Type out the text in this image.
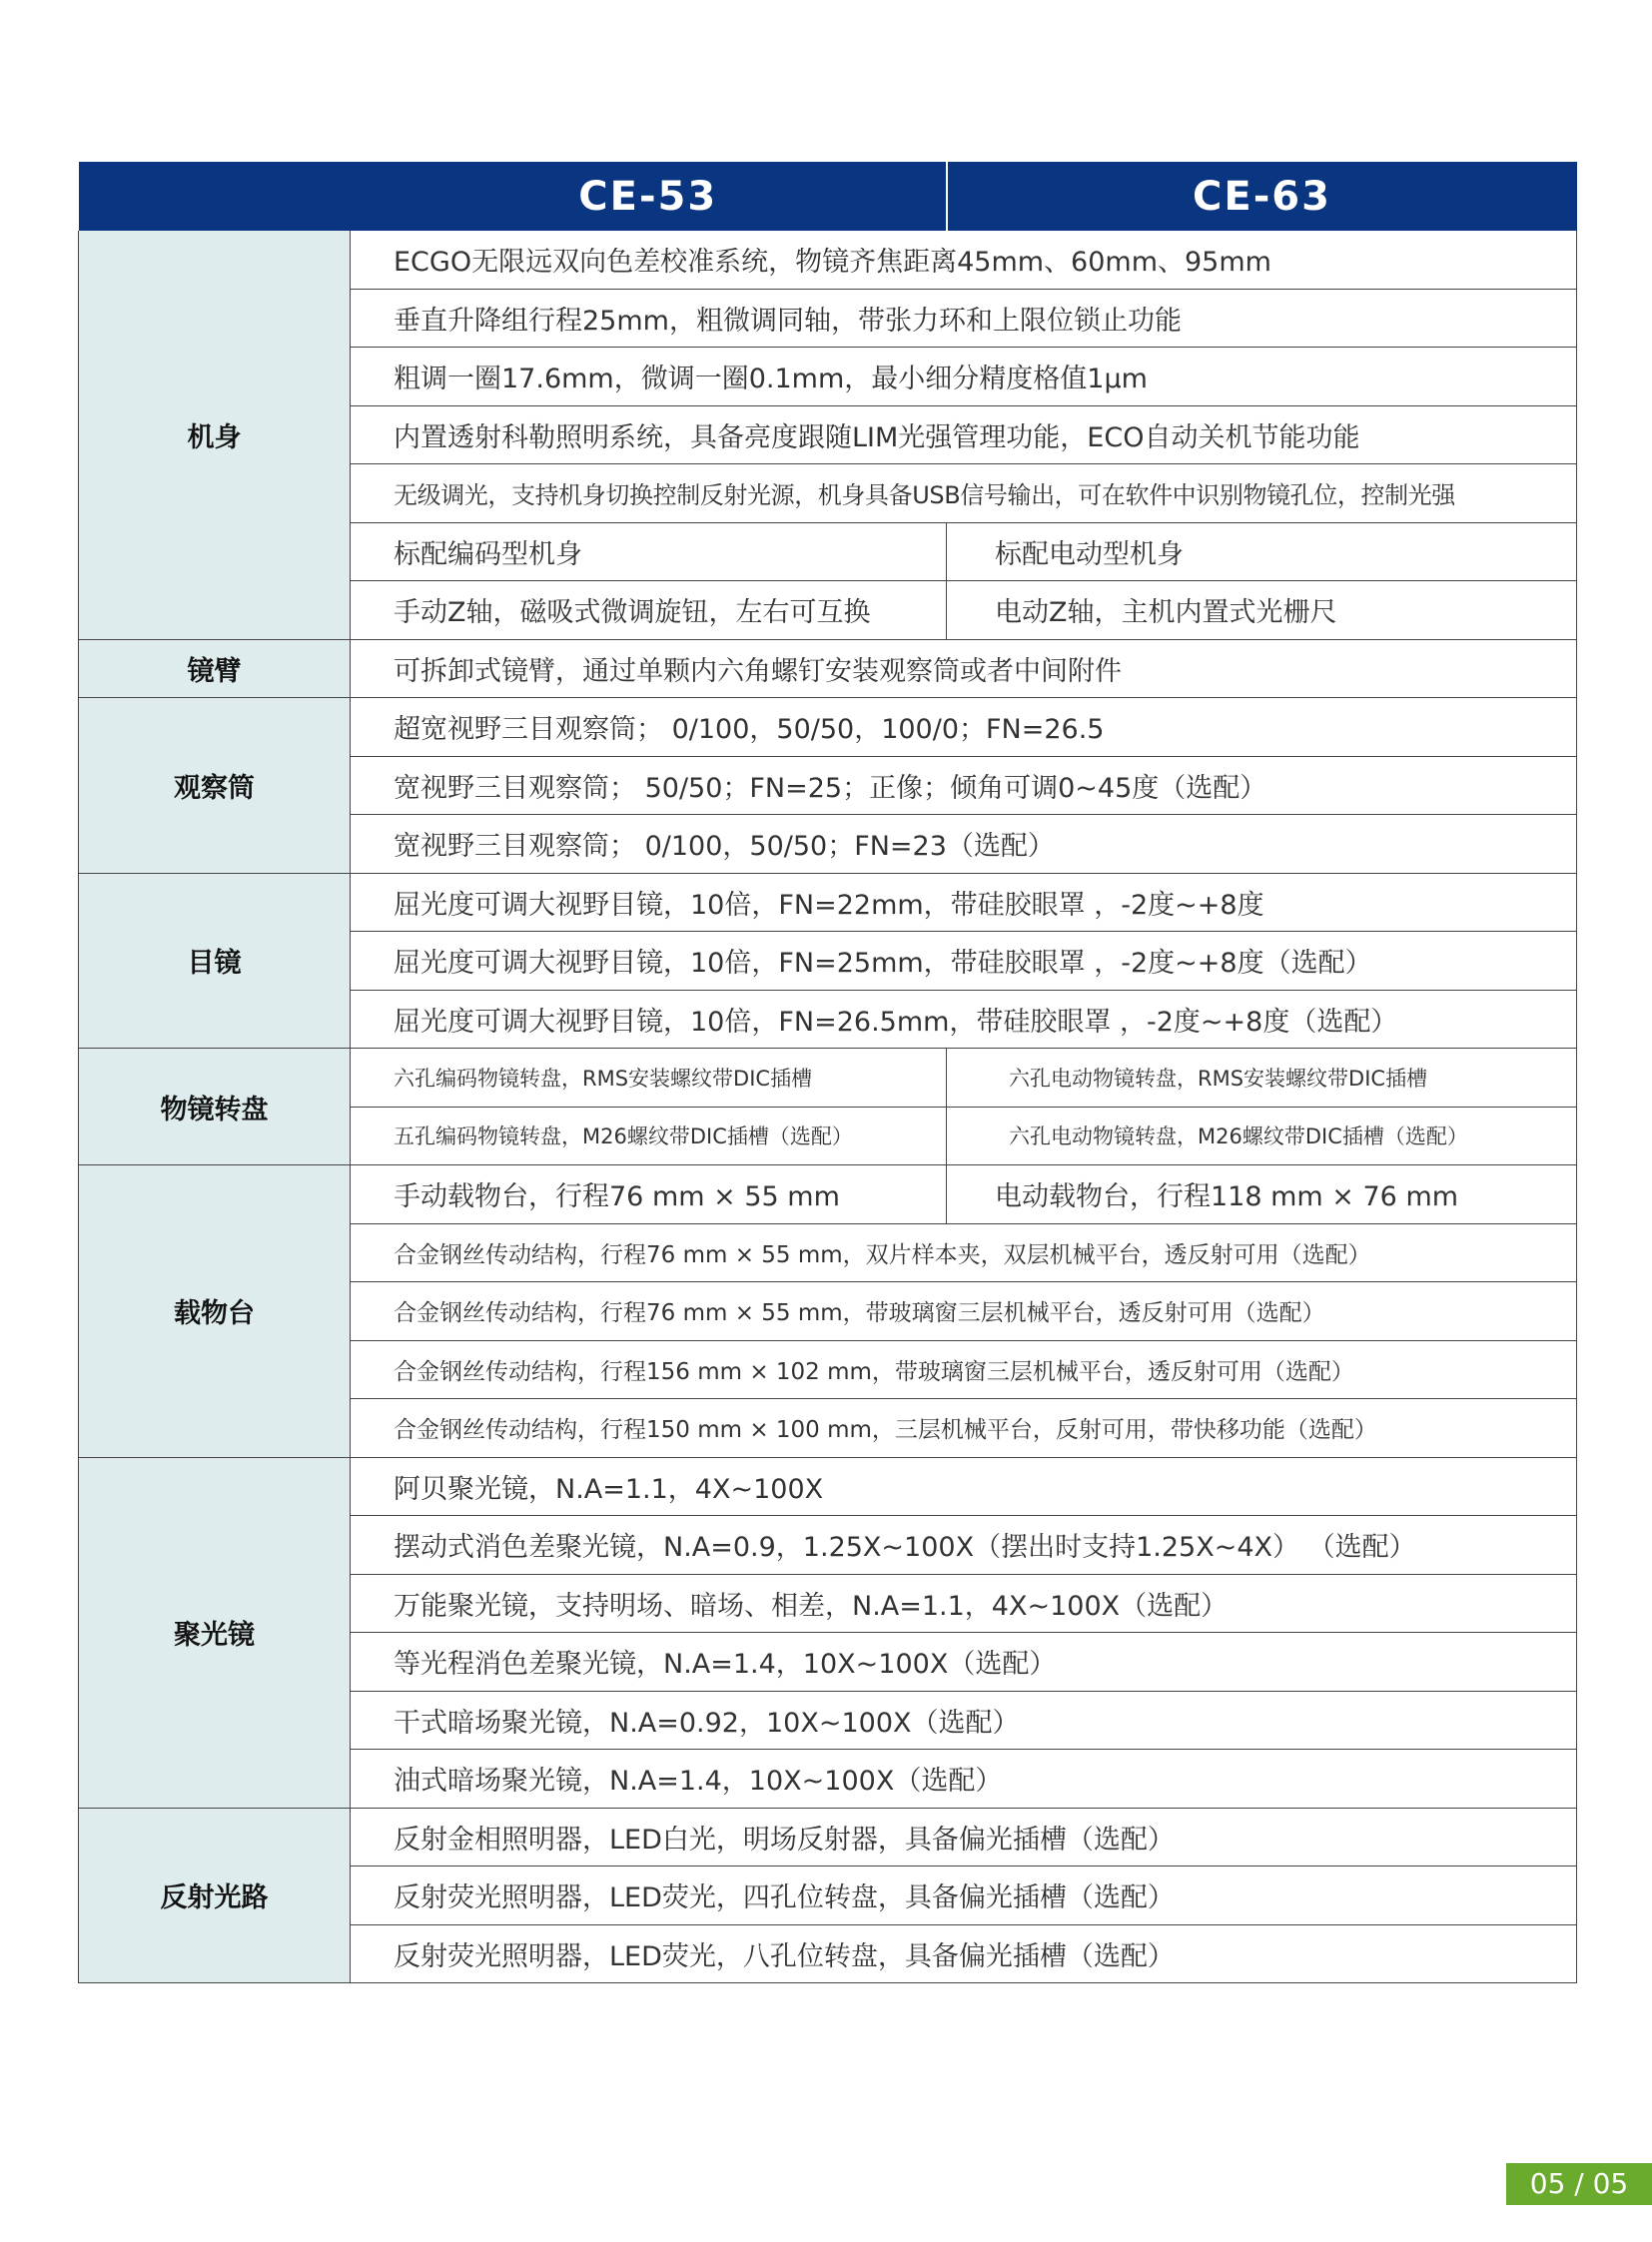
	CE-53	CE-63
机身	ECGO无限远双向色差校准系统，物镜齐焦距离45mm、60mm、95mm	
	垂直升降组行程25mm，粗微调同轴，带张力环和上限位锁止功能	
	粗调一圈17.6mm，微调一圈0.1mm，最小细分精度格值1μm	
	内置透射科勒照明系统，具备亮度跟随LIM光强管理功能，ECO自动关机节能功能	
	无级调光，支持机身切换控制反射光源，机身具备USB信号输出，可在软件中识别物镜孔位，控制光强	
	标配编码型机身	标配电动型机身
	手动Z轴，磁吸式微调旋钮，左右可互换	电动Z轴，主机内置式光栅尺
镜臂	可拆卸式镜臂，通过单颗内六角螺钉安装观察筒或者中间附件	
观察筒	超宽视野三目观察筒； 0/100，50/50，100/0；FN=26.5	
	宽视野三目观察筒； 50/50；FN=25；正像；倾角可调0~45度（选配）	
	宽视野三目观察筒； 0/100，50/50；FN=23（选配）	
目镜	屈光度可调大视野目镜，10倍，FN=22mm，带硅胶眼罩 ，-2度~+8度	
	屈光度可调大视野目镜，10倍，FN=25mm，带硅胶眼罩 ，-2度~+8度（选配）	
	屈光度可调大视野目镜，10倍，FN=26.5mm，带硅胶眼罩 ，-2度~+8度（选配）	
物镜转盘	六孔编码物镜转盘，RMS安装螺纹带DIC插槽	六孔电动物镜转盘，RMS安装螺纹带DIC插槽
	五孔编码物镜转盘，M26螺纹带DIC插槽（选配）	六孔电动物镜转盘，M26螺纹带DIC插槽（选配）
载物台	手动载物台，行程76 mm × 55 mm	电动载物台，行程118 mm × 76 mm
	合金钢丝传动结构，行程76 mm × 55 mm，双片样本夹，双层机械平台，透反射可用（选配）	
	合金钢丝传动结构，行程76 mm × 55 mm，带玻璃窗三层机械平台，透反射可用（选配）	
	合金钢丝传动结构，行程156 mm × 102 mm，带玻璃窗三层机械平台，透反射可用（选配）	
	合金钢丝传动结构，行程150 mm × 100 mm，三层机械平台，反射可用，带快移功能（选配）	
聚光镜	阿贝聚光镜，N.A=1.1，4X~100X	
	摆动式消色差聚光镜，N.A=0.9，1.25X~100X（摆出时支持1.25X~4X） （选配）	
	万能聚光镜，支持明场、暗场、相差，N.A=1.1，4X~100X（选配）	
	等光程消色差聚光镜，N.A=1.4，10X~100X（选配）	
	干式暗场聚光镜，N.A=0.92，10X~100X（选配）	
	油式暗场聚光镜，N.A=1.4，10X~100X（选配）	
反射光路	反射金相照明器，LED白光，明场反射器，具备偏光插槽（选配）	
	反射荧光照明器，LED荧光，四孔位转盘，具备偏光插槽（选配）	
	反射荧光照明器，LED荧光，八孔位转盘，具备偏光插槽（选配）	
05 / 05
